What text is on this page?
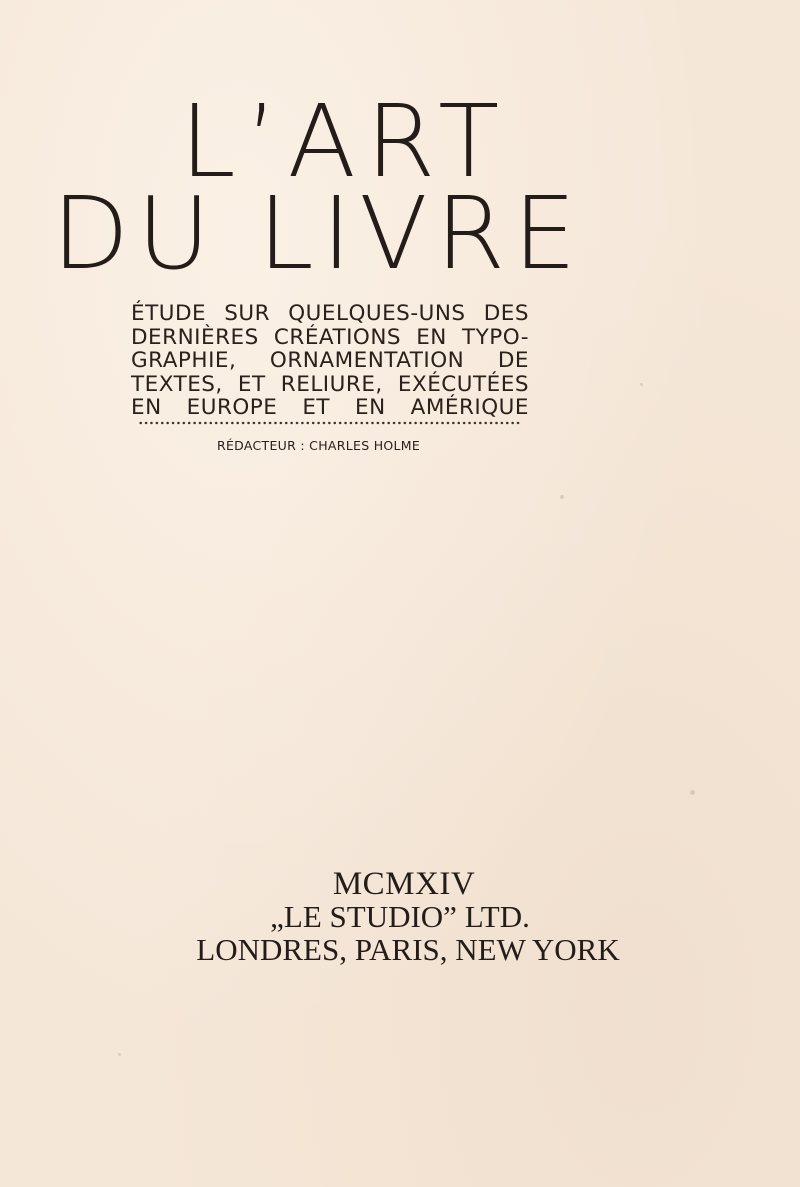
L’ART
DU LIVRE
ÉTUDE SUR QUELQUES-UNS DES
DERNIÈRES CRÉATIONS EN TYPO-
GRAPHIE, ORNAMENTATION DE
TEXTES, ET RELIURE, EXÉCUTÉES
EN EUROPE ET EN AMÉRIQUE
RÉDACTEUR : CHARLES HOLME
MCMXIV
„LE STUDIO” LTD.
LONDRES, PARIS, NEW YORK
